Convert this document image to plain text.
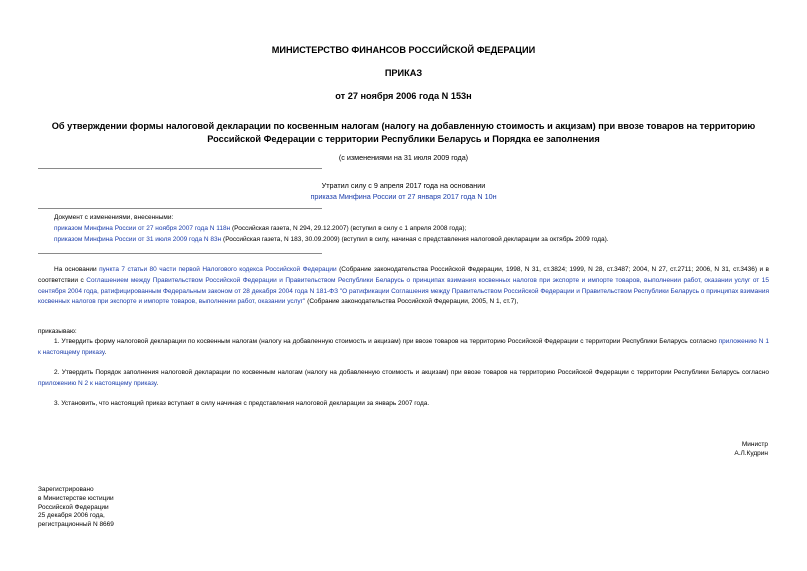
МИНИСТЕРСТВО ФИНАНСОВ РОССИЙСКОЙ ФЕДЕРАЦИИ
ПРИКАЗ
от 27 ноября 2006 года N 153н
Об утверждении формы налоговой декларации по косвенным налогам (налогу на добавленную стоимость и акцизам) при ввозе товаров на территорию
Российской Федерации с территории Республики Беларусь и Порядка ее заполнения
(с изменениями на 31 июля 2009 года)
Утратил силу с 9 апреля 2017 года на основании
приказа Минфина России от 27 января 2017 года N 10н
Документ с изменениями, внесенными:
приказом Минфина России от 27 ноября 2007 года N 118н (Российская газета, N 294, 29.12.2007) (вступил в силу с 1 апреля 2008 года);
приказом Минфина России от 31 июля 2009 года N 83н (Российская газета, N 183, 30.09.2009) (вступил в силу, начиная с представления налоговой декларации за октябрь 2009 года).
На основании пункта 7 статьи 80 части первой Налогового кодекса Российской Федерации (Собрание законодательства Российской Федерации, 1998, N 31, ст.3824; 1999, N 28, ст.3487; 2004, N 27, ст.2711; 2006, N 31, ст.3436) и в соответствии с Соглашением между Правительством Российской Федерации и Правительством Республики Беларусь о принципах взимания косвенных налогов при экспорте и импорте товаров, выполнении работ, оказании услуг от 15 сентября 2004 года, ратифицированным Федеральным законом от 28 декабря 2004 года N 181-ФЗ "О ратификации Соглашения между Правительством Российской Федерации и Правительством Республики Беларусь о принципах взимания косвенных налогов при экспорте и импорте товаров, выполнении работ, оказании услуг" (Собрание законодательства Российской Федерации, 2005, N 1, ст.7),
приказываю:
1. Утвердить форму налоговой декларации по косвенным налогам (налогу на добавленную стоимость и акцизам) при ввозе товаров на территорию Российской Федерации с территории Республики Беларусь согласно приложению N 1 к настоящему приказу.
2. Утвердить Порядок заполнения налоговой декларации по косвенным налогам (налогу на добавленную стоимость и акцизам) при ввозе товаров на территорию Российской Федерации с территории Республики Беларусь согласно приложению N 2 к настоящему приказу.
3. Установить, что настоящий приказ вступает в силу начиная с представления налоговой декларации за январь 2007 года.
Министр
А.Л.Кудрин
Зарегистрировано
в Министерстве юстиции
Российской Федерации
25 декабря 2006 года,
регистрационный N 8669
